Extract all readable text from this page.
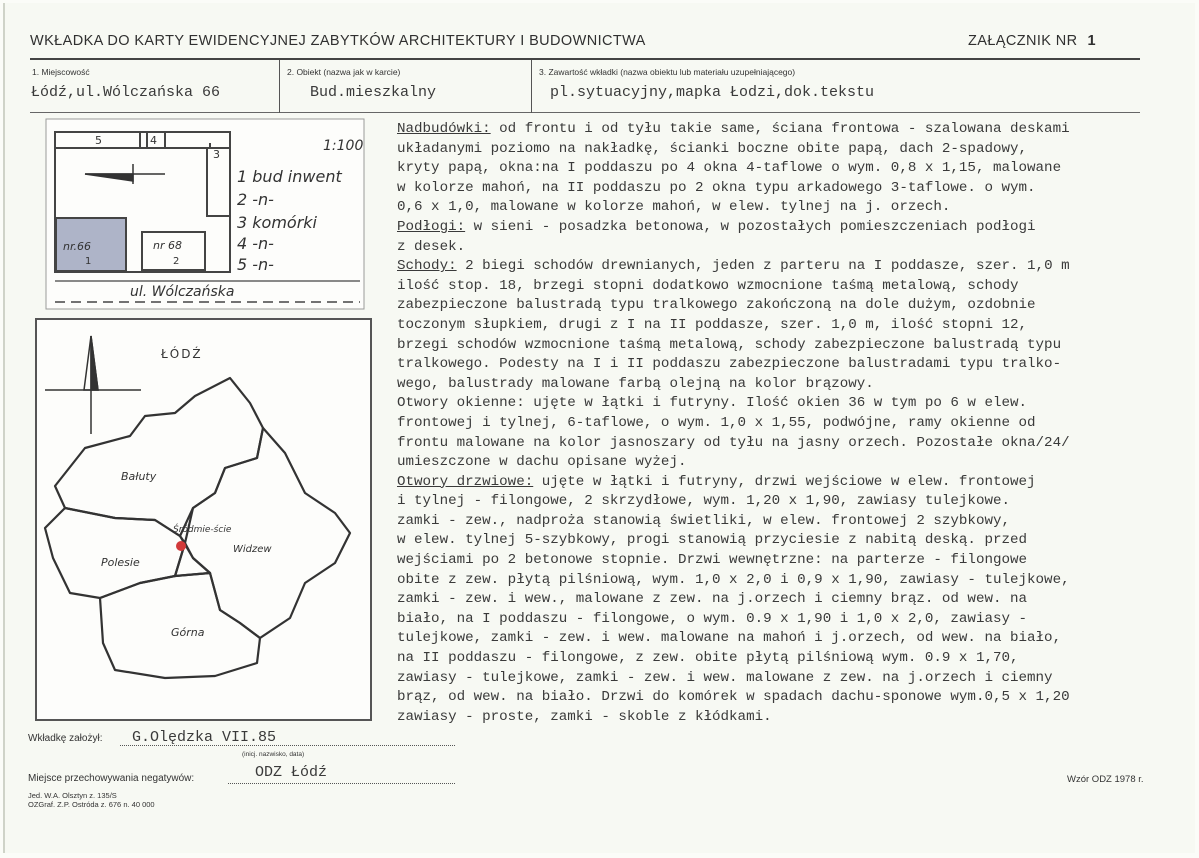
WKŁADKA DO KARTY EWIDENCYJNEJ ZABYTKÓW ARCHITEKTURY I BUDOWNICTWA	ZAŁĄCZNIK NR 1
1. Miejscowość
Łódź,ul.Wólczańska 66
2. Obiekt (nazwa jak w karcie)
Bud.mieszkalny
3. Zawartość wkładki (nazwa obiektu lub materiału uzupełniającego)
pl.sytuacyjny,mapka Łodzi,dok.tekstu
5	4
3
nr.66
1
nr 68
2
1:100
1 bud inwent
2 -n-
3 komórki
4 -n-
5 -n-
ul. Wólczańska
ŁÓDŹ
Bałuty
Śródmie-ście
Widzew
Polesie
Górna
Nadbudówki: od frontu i od tyłu takie same, ściana frontowa - szalowana deskami
układanymi poziomo na nakładkę, ścianki boczne obite papą, dach 2-spadowy,
kryty papą, okna:na I poddaszu po 4 okna 4-taflowe o wym. 0,8 x 1,15, malowane
w kolorze mahoń, na II poddaszu po 2 okna typu arkadowego 3-taflowe. o wym.
0,6 x 1,0, malowane w kolorze mahoń, w elew. tylnej na j. orzech.
Podłogi: w sieni - posadzka betonowa, w pozostałych pomieszczeniach podłogi
z desek.
Schody: 2 biegi schodów drewnianych, jeden z parteru na I poddasze, szer. 1,0 m
ilość stop. 18, brzegi stopni dodatkowo wzmocnione taśmą metalową, schody
zabezpieczone balustradą typu tralkowego zakończoną na dole dużym, ozdobnie
toczonym słupkiem, drugi z I na II poddasze, szer. 1,0 m, ilość stopni 12,
brzegi schodów wzmocnione taśmą metalową, schody zabezpieczone balustradą typu
tralkowego. Podesty na I i II poddaszu zabezpieczone balustradami typu tralko-
wego, balustrady malowane farbą olejną na kolor brązowy.
Otwory okienne: ujęte w łątki i futryny. Ilość okien 36 w tym po 6 w elew.
frontowej i tylnej, 6-taflowe, o wym. 1,0 x 1,55, podwójne, ramy okienne od
frontu malowane na kolor jasnoszary od tyłu na jasny orzech. Pozostałe okna/24/
umieszczone w dachu opisane wyżej.
Otwory drzwiowe: ujęte w łątki i futryny, drzwi wejściowe w elew. frontowej
i tylnej - filongowe, 2 skrzydłowe, wym. 1,20 x 1,90, zawiasy tulejkowe.
zamki - zew., nadproża stanowią świetliki, w elew. frontowej 2 szybkowy,
w elew. tylnej 5-szybkowy, progi stanowią przyciesie z nabitą deską. przed
wejściami po 2 betonowe stopnie. Drzwi wewnętrzne: na parterze - filongowe
obite z zew. płytą pilśniową, wym. 1,0 x 2,0 i 0,9 x 1,90, zawiasy - tulejkowe,
zamki - zew. i wew., malowane z zew. na j.orzech i ciemny brąz. od wew. na
biało, na I poddaszu - filongowe, o wym. 0.9 x 1,90 i 1,0 x 2,0, zawiasy -
tulejkowe, zamki - zew. i wew. malowane na mahoń i j.orzech, od wew. na biało,
na II poddaszu - filongowe, z zew. obite płytą pilśniową wym. 0.9 x 1,70,
zawiasy - tulejkowe, zamki - zew. i wew. malowane z zew. na j.orzech i ciemny
brąz, od wew. na biało. Drzwi do komórek w spadach dachu-sponowe wym.0,5 x 1,20
zawiasy - proste, zamki - skoble z kłódkami.
Wkładkę założył: G.Olędzka VII.85
(inicj. nazwisko, data)
Miejsce przechowywania negatywów:	ODZ Łódź
Jed. W.A. Olsztyn z. 135/S
OZGraf. Z.P. Ostróda z. 676 n. 40 000
Wzór ODZ 1978 r.
